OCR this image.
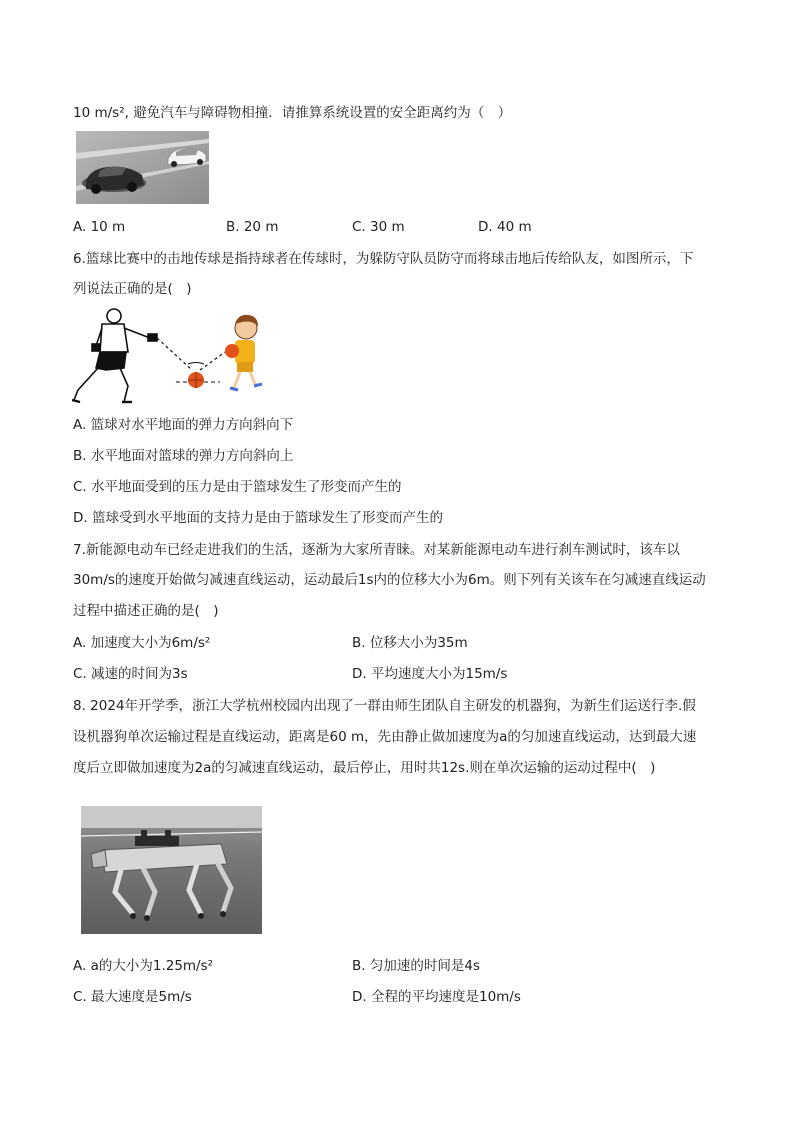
10 m/s², 避免汽车与障碍物相撞．请推算系统设置的安全距离约为（　）
A. 10 m	B. 20 m	C. 30 m	D. 40 m
6.篮球比赛中的击地传球是指持球者在传球时，为躲防守队员防守而将球击地后传给队友，如图所示，下
列说法正确的是(　)
A. 篮球对水平地面的弹力方向斜向下
B. 水平地面对篮球的弹力方向斜向上
C. 水平地面受到的压力是由于篮球发生了形变而产生的
D. 篮球受到水平地面的支持力是由于篮球发生了形变而产生的
7.新能源电动车已经走进我们的生活，逐渐为大家所青睐。对某新能源电动车进行刹车测试时，该车以
30m/s的速度开始做匀减速直线运动，运动最后1s内的位移大小为6m。则下列有关该车在匀减速直线运动
过程中描述正确的是(　)
A. 加速度大小为6m/s²	B. 位移大小为35m
C. 减速的时间为3s	D. 平均速度大小为15m/s
8. 2024年开学季，浙江大学杭州校园内出现了一群由师生团队自主研发的机器狗，为新生们运送行李.假
设机器狗单次运输过程是直线运动，距离是60 m，先由静止做加速度为a的匀加速直线运动，达到最大速
度后立即做加速度为2a的匀减速直线运动，最后停止，用时共12s.则在单次运输的运动过程中(　)
A. a的大小为1.25m/s²	B. 匀加速的时间是4s
C. 最大速度是5m/s	D. 全程的平均速度是10m/s
